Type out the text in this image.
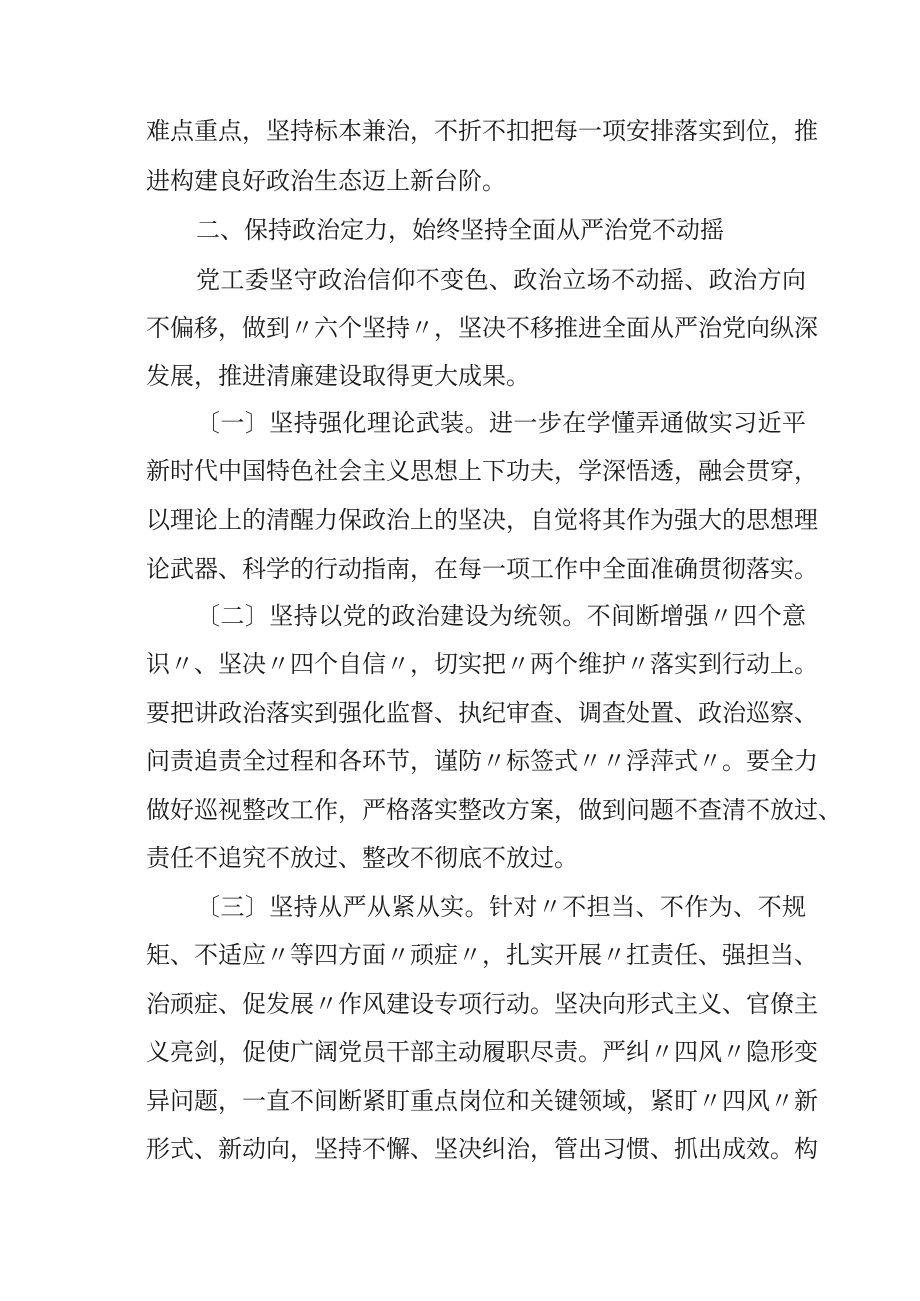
难点重点，坚持标本兼治，不折不扣把每一项安排落实到位，推
进构建良好政治生态迈上新台阶。
二、保持政治定力，始终坚持全面从严治党不动摇
党工委坚守政治信仰不变色、政治立场不动摇、政治方向
不偏移，做到〃六个坚持〃，坚决不移推进全面从严治党向纵深
发展，推进清廉建设取得更大成果。
〔一〕坚持强化理论武装。进一步在学懂弄通做实习近平
新时代中国特色社会主义思想上下功夫，学深悟透，融会贯穿，
以理论上的清醒力保政治上的坚决，自觉将其作为强大的思想理
论武器、科学的行动指南，在每一项工作中全面准确贯彻落实。
〔二〕坚持以党的政治建设为统领。不间断增强〃四个意
识〃、坚决〃四个自信〃，切实把〃两个维护〃落实到行动上。
要把讲政治落实到强化监督、执纪审查、调查处置、政治巡察、
问责追责全过程和各环节，谨防〃标签式〃〃浮萍式〃。要全力
做好巡视整改工作，严格落实整改方案，做到问题不查清不放过、
责任不追究不放过、整改不彻底不放过。
〔三〕坚持从严从紧从实。针对〃不担当、不作为、不规
矩、不适应〃等四方面〃顽症〃，扎实开展〃扛责任、强担当、
治顽症、促发展〃作风建设专项行动。坚决向形式主义、官僚主
义亮剑，促使广阔党员干部主动履职尽责。严纠〃四风〃隐形变
异问题，一直不间断紧盯重点岗位和关键领域，紧盯〃四风〃新
形式、新动向，坚持不懈、坚决纠治，管出习惯、抓出成效。构
